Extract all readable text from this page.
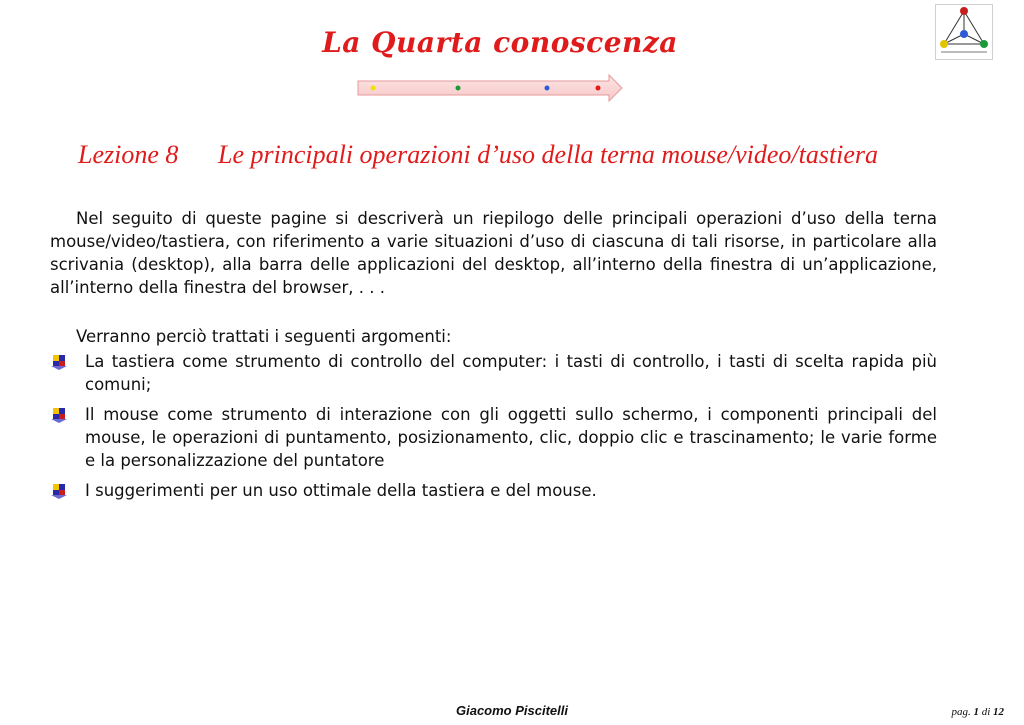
La Quarta conoscenza
Lezione 8 Le principali operazioni d’uso della terna mouse/video/tastiera

Nel seguito di queste pagine si descriverà un riepilogo delle principali operazioni d’uso della terna mouse/video/tastiera, con riferimento a varie situazioni d’uso di ciascuna di tali risorse, in particolare alla scrivania (desktop), alla barra delle applicazioni del desktop, all’interno della finestra di un’applicazione, all’interno della finestra del browser, . . .

Verranno perciò trattati i seguenti argomenti:

La tastiera come strumento di controllo del computer: i tasti di controllo, i tasti di scelta rapida più comuni;
Il mouse come strumento di interazione con gli oggetti sullo schermo, i componenti principali del mouse, le operazioni di puntamento, posizionamento, clic, doppio clic e trascinamento; le varie forme e la personalizzazione del puntatore
I suggerimenti per un uso ottimale della tastiera e del mouse.
Giacomo Piscitelli	pag. 1 di 12
